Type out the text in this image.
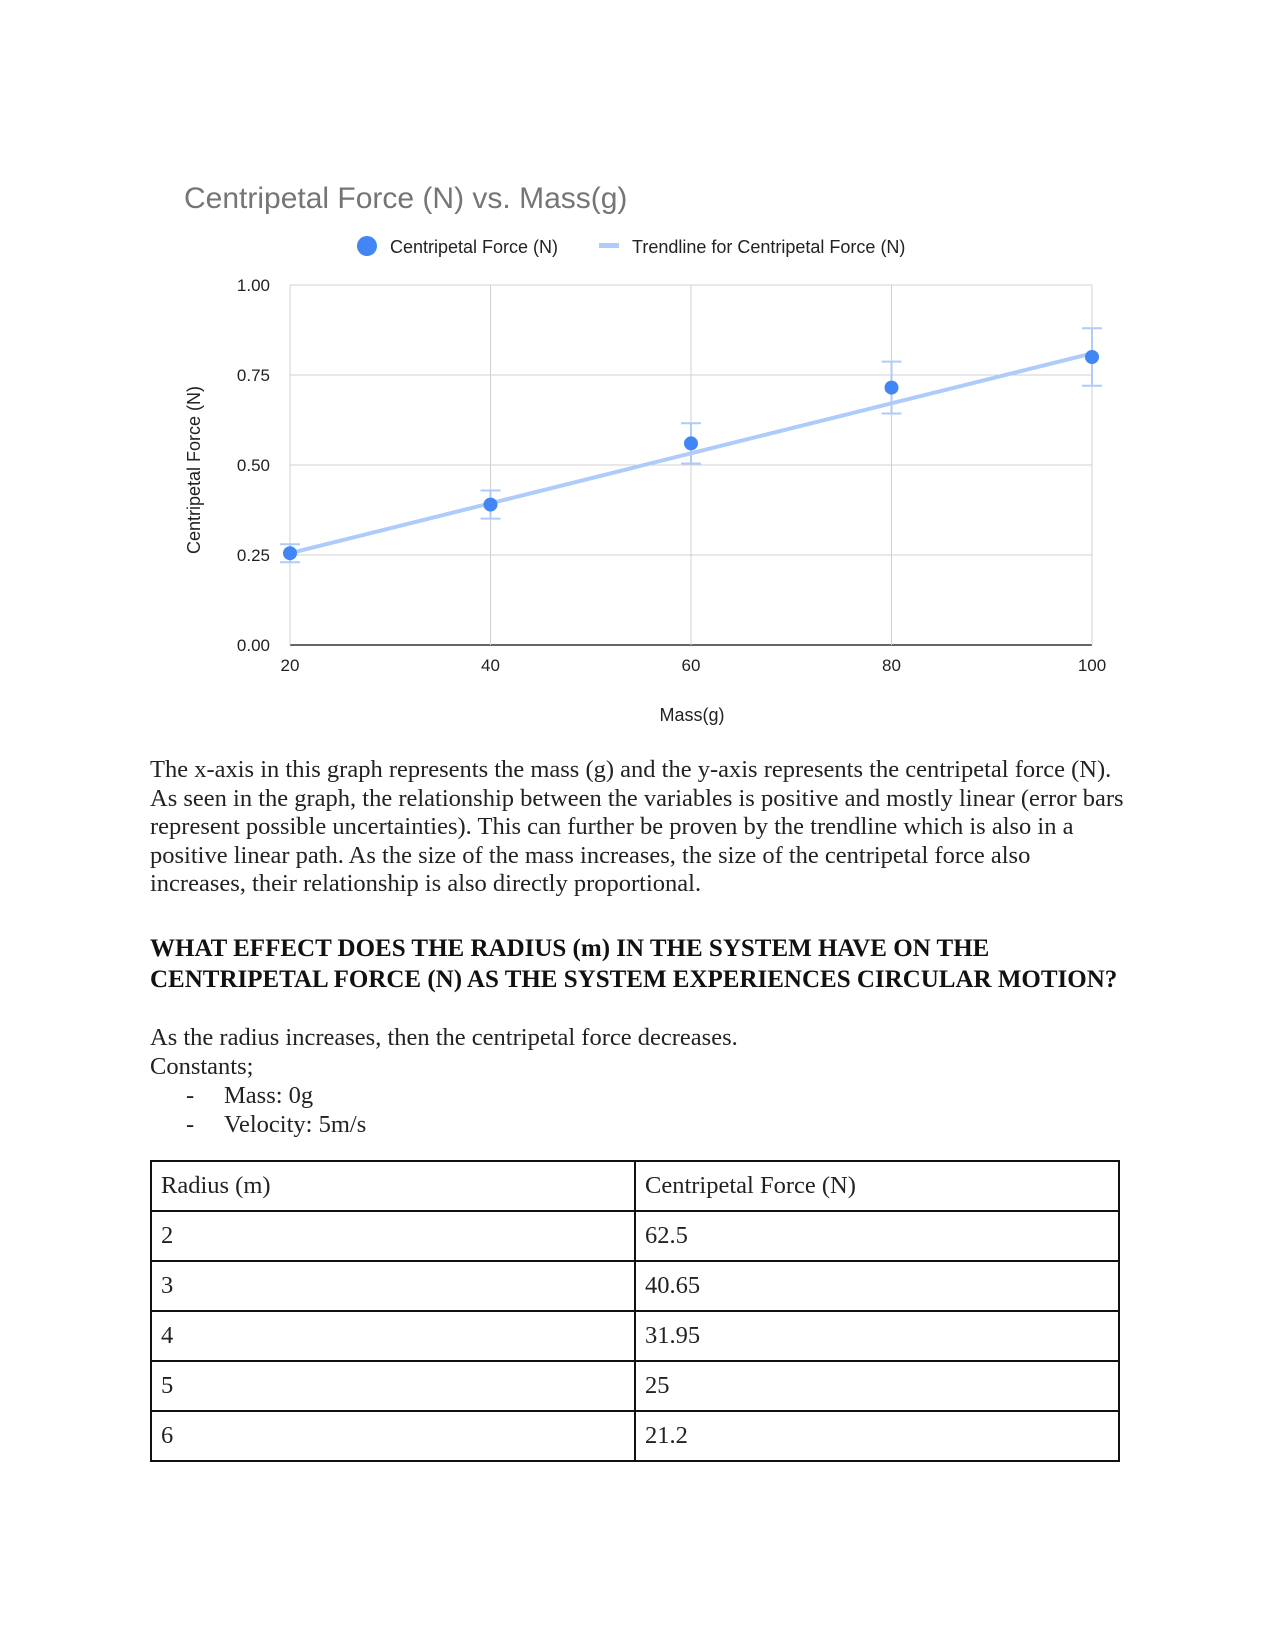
Centripetal Force (N) vs. Mass(g)
Centripetal Force (N)	Trendline for Centripetal Force (N)
0.00
0.25
0.50
0.75
1.00
20	40	60	80	100
Centripetal Force (N)
Mass(g)

The x-axis in this graph represents the mass (g) and the y-axis represents the centripetal force (N). As seen in the graph, the relationship between the variables is positive and mostly linear (error bars represent possible uncertainties). This can further be proven by the trendline which is also in a positive linear path. As the size of the mass increases, the size of the centripetal force also increases, their relationship is also directly proportional.

WHAT EFFECT DOES THE RADIUS (m) IN THE SYSTEM HAVE ON THE CENTRIPETAL FORCE (N) AS THE SYSTEM EXPERIENCES CIRCULAR MOTION?

As the radius increases, then the centripetal force decreases.

Constants;

- Mass: 0g
- Velocity: 5m/s
Radius (m)	Centripetal Force (N)
2	62.5
3	40.65
4	31.95
5	25
6	21.2
